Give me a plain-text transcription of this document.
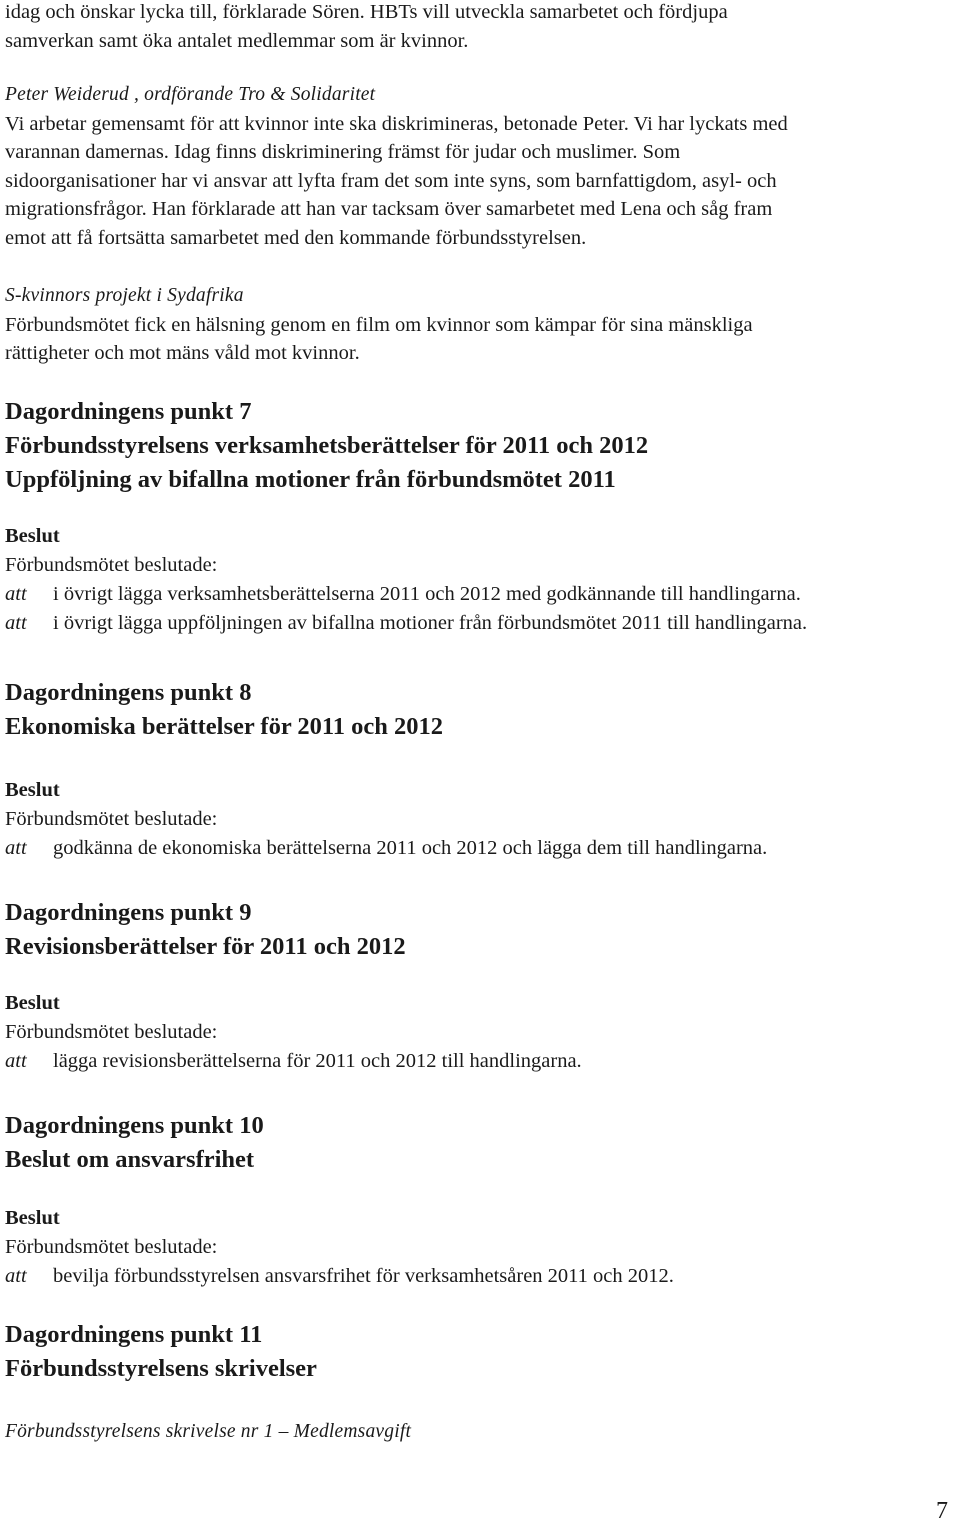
idag och önskar lycka till, förklarade Sören. HBTs vill utveckla samarbetet och fördjupa

samverkan samt öka antalet medlemmar som är kvinnor.

Peter Weiderud , ordförande Tro & Solidaritet

Vi arbetar gemensamt för att kvinnor inte ska diskrimineras, betonade Peter. Vi har lyckats med

varannan damernas. Idag finns diskriminering främst för judar och muslimer. Som

sidoorganisationer har vi ansvar att lyfta fram det som inte syns, som barnfattigdom, asyl- och

migrationsfrågor. Han förklarade att han var tacksam över samarbetet med Lena och såg fram

emot att få fortsätta samarbetet med den kommande förbundsstyrelsen.

S-kvinnors projekt i Sydafrika

Förbundsmötet fick en hälsning genom en film om kvinnor som kämpar för sina mänskliga

rättigheter och mot mäns våld mot kvinnor.

Dagordningens punkt 7

Förbundsstyrelsens verksamhetsberättelser för 2011 och 2012

Uppföljning av bifallna motioner från förbundsmötet 2011

Beslut

Förbundsmötet beslutade:

att	i övrigt lägga verksamhetsberättelserna 2011 och 2012 med godkännande till handlingarna.
att	i övrigt lägga uppföljningen av bifallna motioner från förbundsmötet 2011 till handlingarna.

Dagordningens punkt 8

Ekonomiska berättelser för 2011 och 2012

Beslut

Förbundsmötet beslutade:

att	godkänna de ekonomiska berättelserna 2011 och 2012 och lägga dem till handlingarna.

Dagordningens punkt 9

Revisionsberättelser för 2011 och 2012

Beslut

Förbundsmötet beslutade:

att	lägga revisionsberättelserna för 2011 och 2012 till handlingarna.

Dagordningens punkt 10

Beslut om ansvarsfrihet

Beslut

Förbundsmötet beslutade:

att	bevilja förbundsstyrelsen ansvarsfrihet för verksamhetsåren 2011 och 2012.

Dagordningens punkt 11

Förbundsstyrelsens skrivelser

Förbundsstyrelsens skrivelse nr 1 – Medlemsavgift

7
